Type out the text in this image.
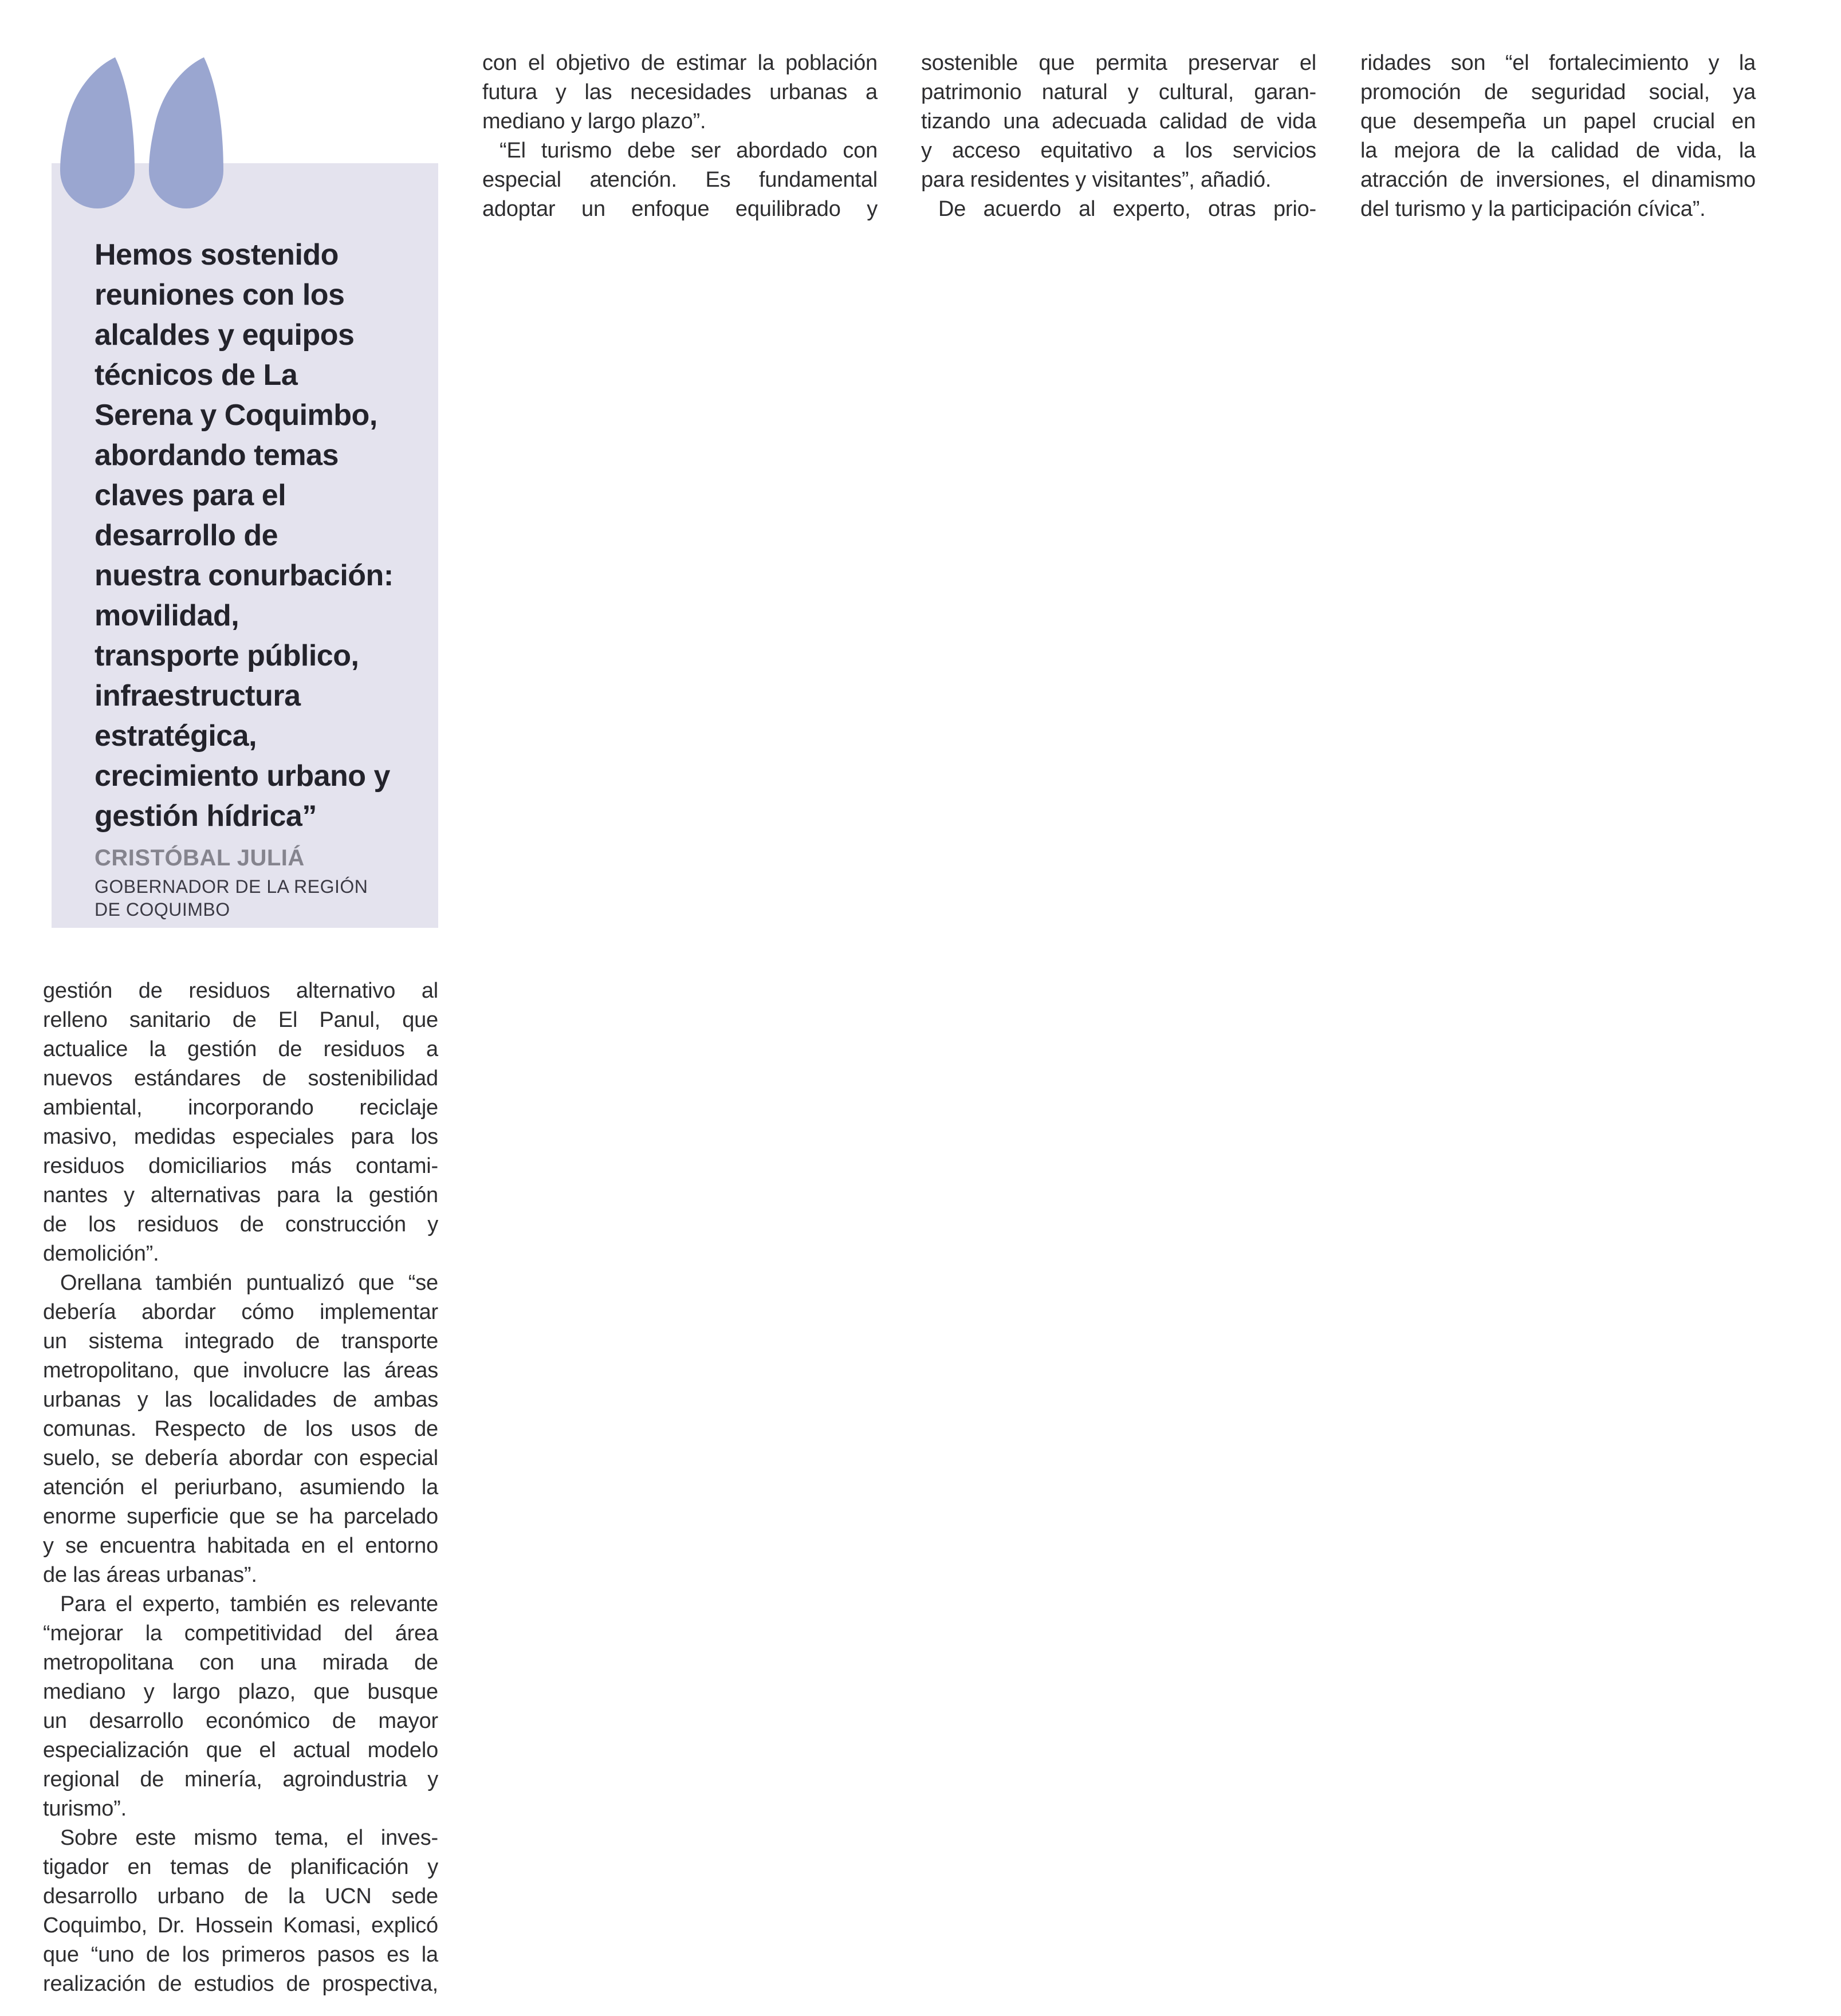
Hemos sostenido
reuniones con los
alcaldes y equipos
técnicos de La
Serena y Coquimbo,
abordando temas
claves para el
desarrollo de
nuestra conurbación:
movilidad,
transporte público,
infraestructura
estratégica,
crecimiento urbano y
gestión hídrica”
CRISTÓBAL JULIÁ
GOBERNADOR DE LA REGIÓN
DE COQUIMBO
gestión de residuos alternativo al
relleno sanitario de El Panul, que
actualice la gestión de residuos a
nuevos estándares de sostenibilidad
ambiental, incorporando reciclaje
masivo, medidas especiales para los
residuos domiciliarios más contami-
nantes y alternativas para la gestión
de los residuos de construcción y
demolición”.
Orellana también puntualizó que “se
debería abordar cómo implementar
un sistema integrado de transporte
metropolitano, que involucre las áreas
urbanas y las localidades de ambas
comunas. Respecto de los usos de
suelo, se debería abordar con especial
atención el periurbano, asumiendo la
enorme superficie que se ha parcelado
y se encuentra habitada en el entorno
de las áreas urbanas”.
Para el experto, también es relevante
“mejorar la competitividad del área
metropolitana con una mirada de
mediano y largo plazo, que busque
un desarrollo económico de mayor
especialización que el actual modelo
regional de minería, agroindustria y
turismo”.
Sobre este mismo tema, el inves-
tigador en temas de planificación y
desarrollo urbano de la UCN sede
Coquimbo, Dr. Hossein Komasi, explicó
que “uno de los primeros pasos es la
realización de estudios de prospectiva,
con el objetivo de estimar la población
futura y las necesidades urbanas a
mediano y largo plazo”.
“El turismo debe ser abordado con
especial atención. Es fundamental
adoptar un enfoque equilibrado y
sostenible que permita preservar el
patrimonio natural y cultural, garan-
tizando una adecuada calidad de vida
y acceso equitativo a los servicios
para residentes y visitantes”, añadió.
De acuerdo al experto, otras prio-
ridades son “el fortalecimiento y la
promoción de seguridad social, ya
que desempeña un papel crucial en
la mejora de la calidad de vida, la
atracción de inversiones, el dinamismo
del turismo y la participación cívica”.
